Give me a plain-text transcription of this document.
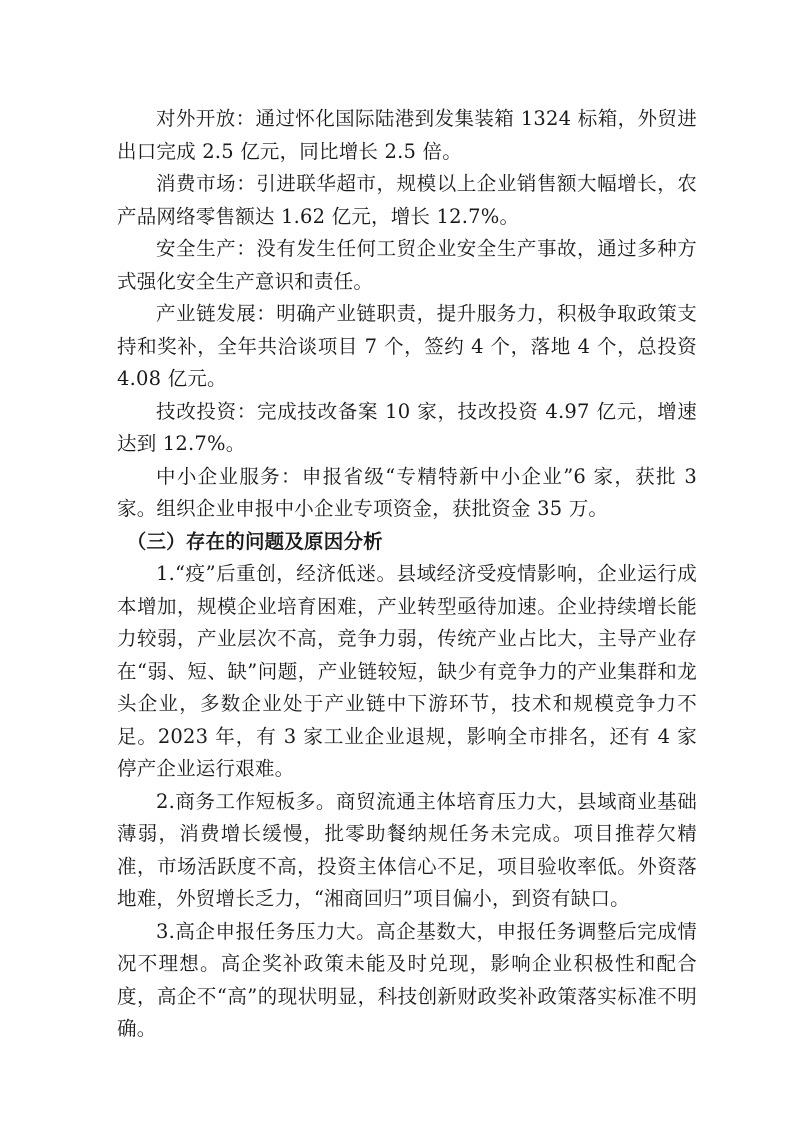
对外开放：通过怀化国际陆港到发集装箱 1324 标箱，外贸进出口完成 2.5 亿元，同比增长 2.5 倍。

消费市场：引进联华超市，规模以上企业销售额大幅增长，农产品网络零售额达 1.62 亿元，增长 12.7%。

安全生产：没有发生任何工贸企业安全生产事故，通过多种方式强化安全生产意识和责任。

产业链发展：明确产业链职责，提升服务力，积极争取政策支持和奖补，全年共洽谈项目 7 个，签约 4 个，落地 4 个，总投资 4.08 亿元。

技改投资：完成技改备案 10 家，技改投资 4.97 亿元，增速达到 12.7%。

中小企业服务：申报省级“专精特新中小企业”6 家，获批 3 家。组织企业申报中小企业专项资金，获批资金 35 万。

（三）存在的问题及原因分析

1.“疫”后重创，经济低迷。县域经济受疫情影响，企业运行成本增加，规模企业培育困难，产业转型亟待加速。企业持续增长能力较弱，产业层次不高，竞争力弱，传统产业占比大，主导产业存在“弱、短、缺”问题，产业链较短，缺少有竞争力的产业集群和龙头企业，多数企业处于产业链中下游环节，技术和规模竞争力不足。2023 年，有 3 家工业企业退规，影响全市排名，还有 4 家停产企业运行艰难。

2.商务工作短板多。商贸流通主体培育压力大，县域商业基础薄弱，消费增长缓慢，批零助餐纳规任务未完成。项目推荐欠精准，市场活跃度不高，投资主体信心不足，项目验收率低。外资落地难，外贸增长乏力，“湘商回归”项目偏小，到资有缺口。

3.高企申报任务压力大。高企基数大，申报任务调整后完成情况不理想。高企奖补政策未能及时兑现，影响企业积极性和配合度，高企不“高”的现状明显，科技创新财政奖补政策落实标准不明确。
